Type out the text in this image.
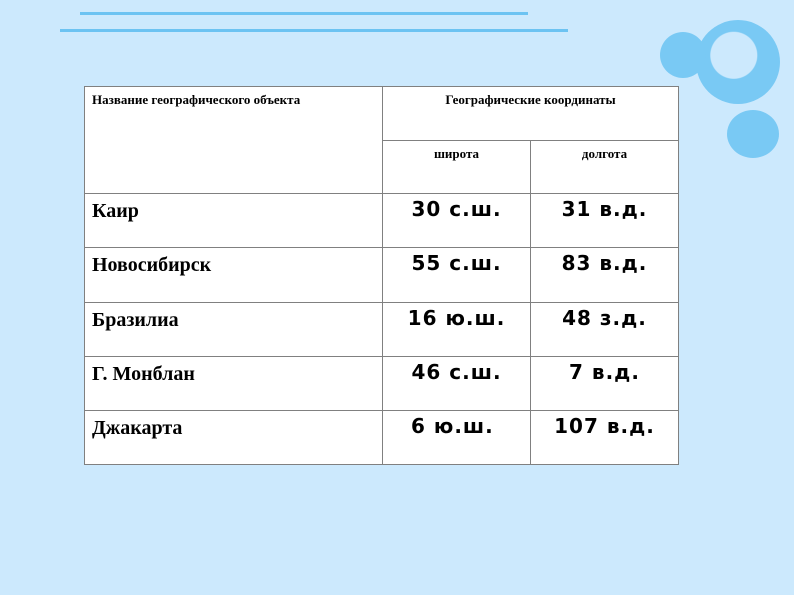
Название географического объекта	Географические координаты	
	широта	долгота
Каир	30 с.ш.	31 в.д.
Новосибирск	55 с.ш.	83 в.д.
Бразилиа	16 ю.ш.	48 з.д.
Г. Монблан	46 с.ш.	7 в.д.
Джакарта	6 ю.ш.	107 в.д.
